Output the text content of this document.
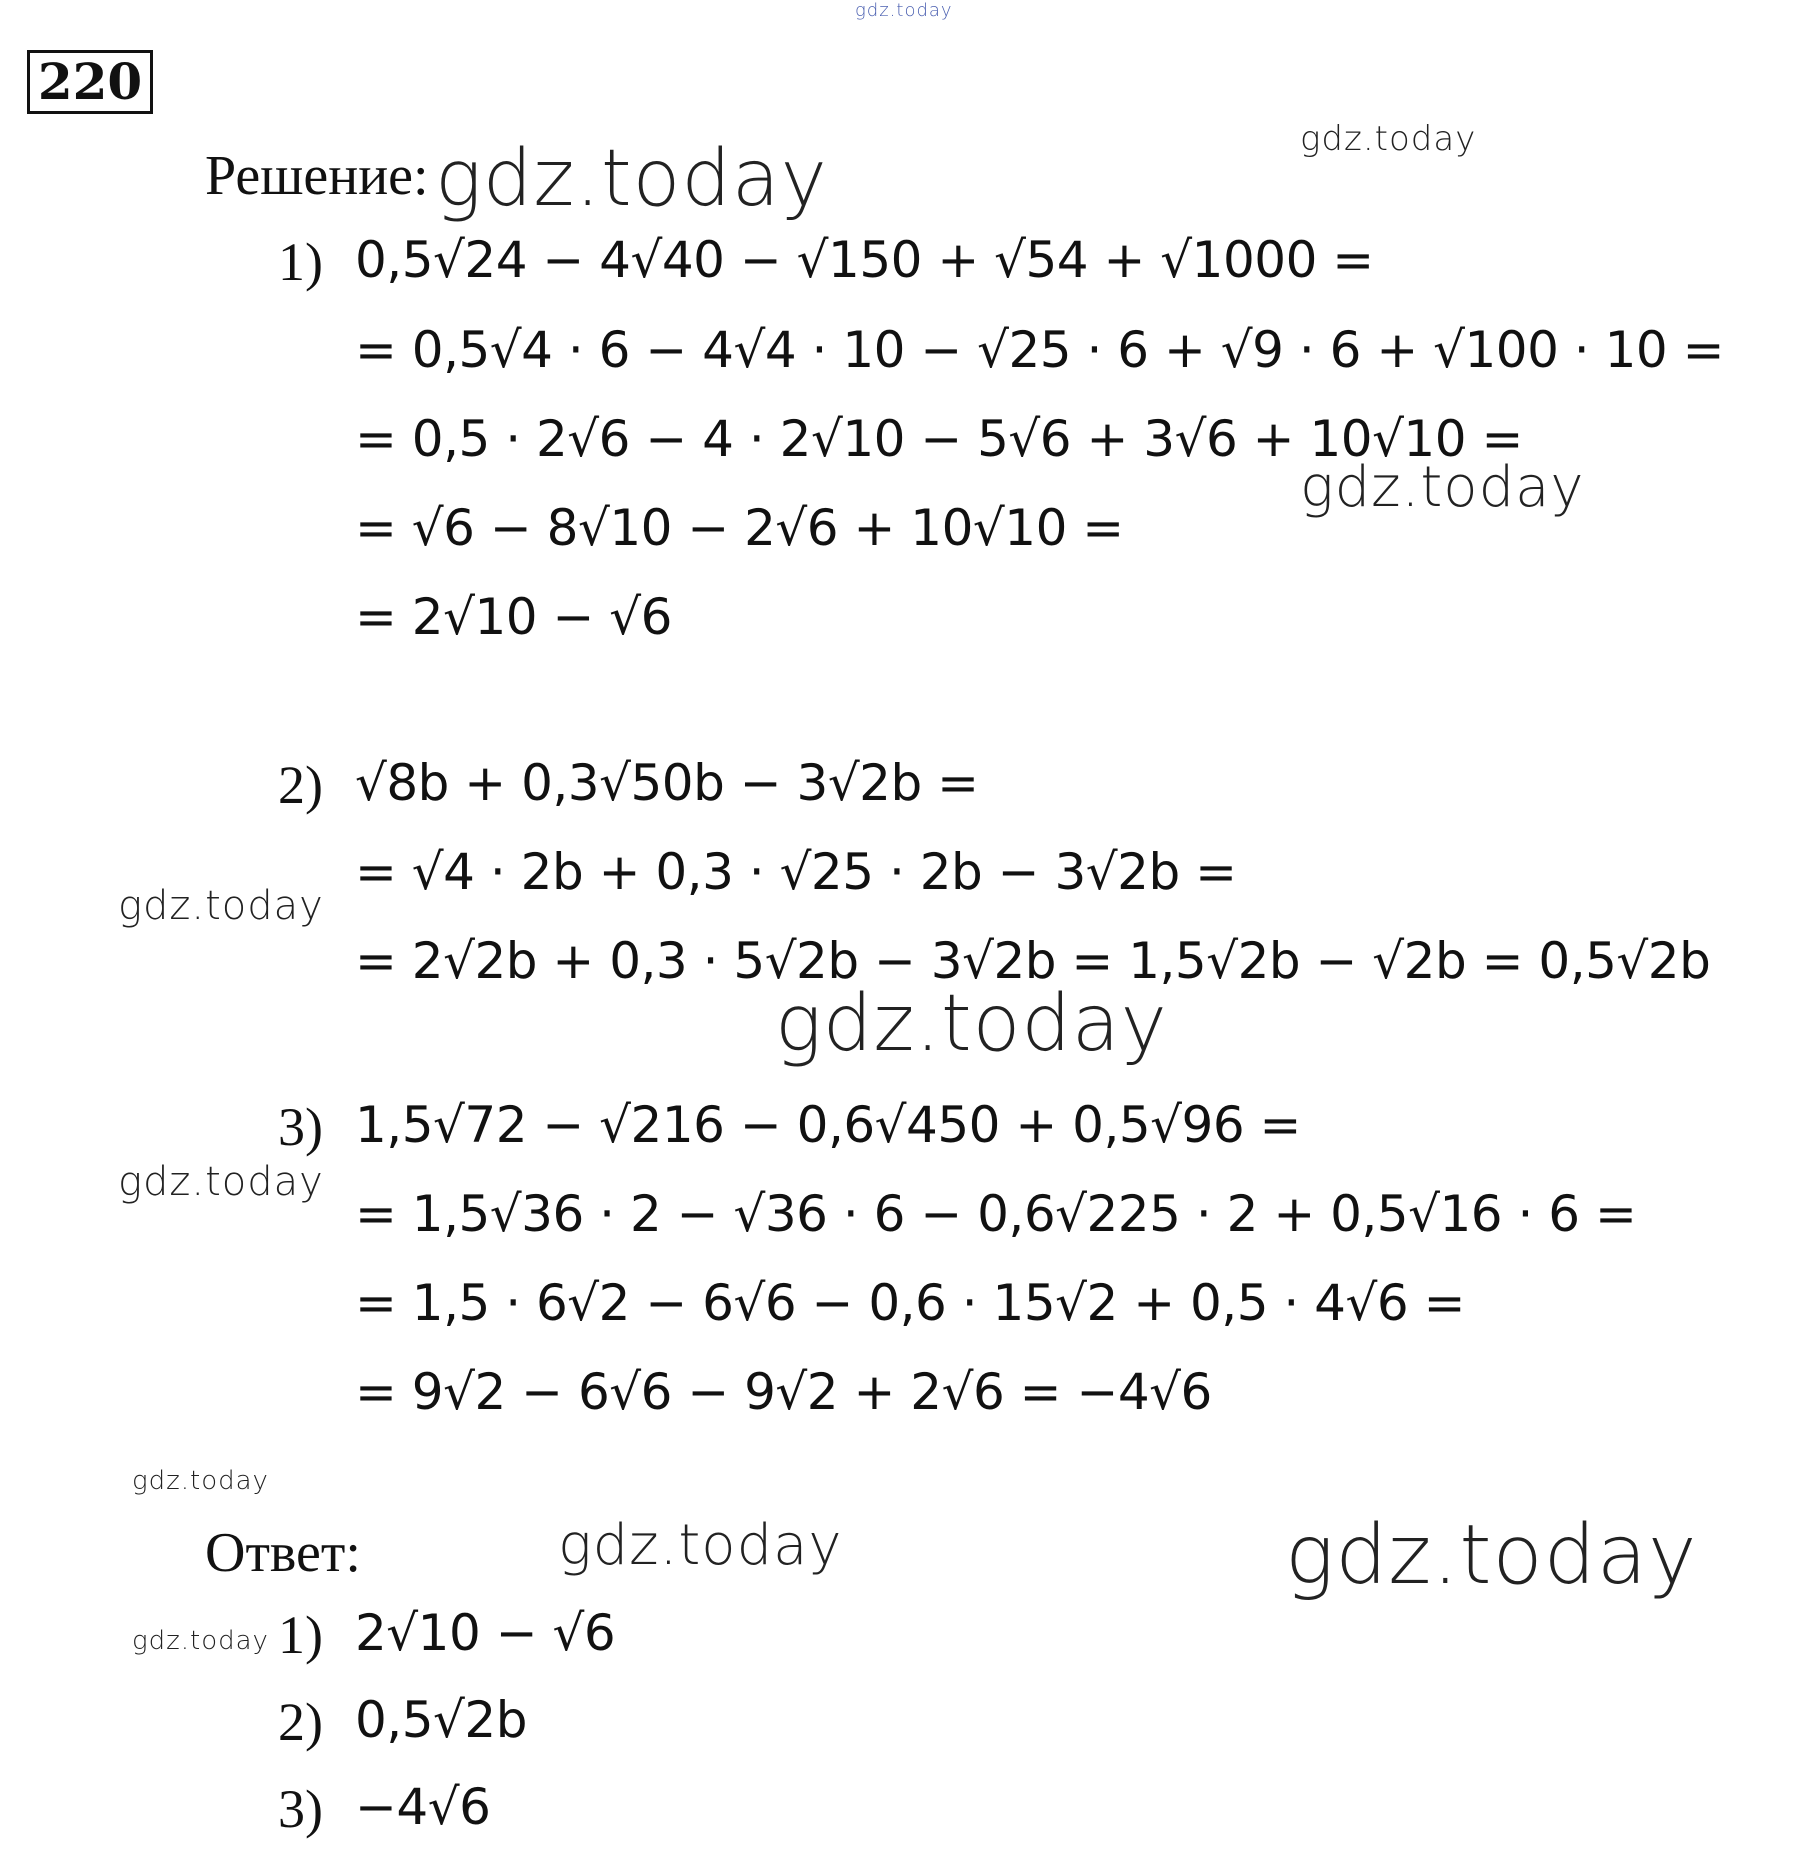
220
Решение:
1) 0,5√24 − 4√40 − √150 + √54 + √1000 =
= 0,5√4 · 6 − 4√4 · 10 − √25 · 6 + √9 · 6 + √100 · 10 =
= 0,5 · 2√6 − 4 · 2√10 − 5√6 + 3√6 + 10√10 =
= √6 − 8√10 − 2√6 + 10√10 =
= 2√10 − √6
2) √8b + 0,3√50b − 3√2b =
= √4 · 2b + 0,3 · √25 · 2b − 3√2b =
= 2√2b + 0,3 · 5√2b − 3√2b = 1,5√2b − √2b = 0,5√2b
3) 1,5√72 − √216 − 0,6√450 + 0,5√96 =
= 1,5√36 · 2 − √36 · 6 − 0,6√225 · 2 + 0,5√16 · 6 =
= 1,5 · 6√2 − 6√6 − 0,6 · 15√2 + 0,5 · 4√6 =
= 9√2 − 6√6 − 9√2 + 2√6 = −4√6
Ответ:
1) 2√10 − √6
2) 0,5√2b
3) −4√6
gdz.today
gdz.today
gdz.today
gdz.today
gdz.today
gdz.today
gdz.today
gdz.today
gdz.today	gdz.today
gdz.today
